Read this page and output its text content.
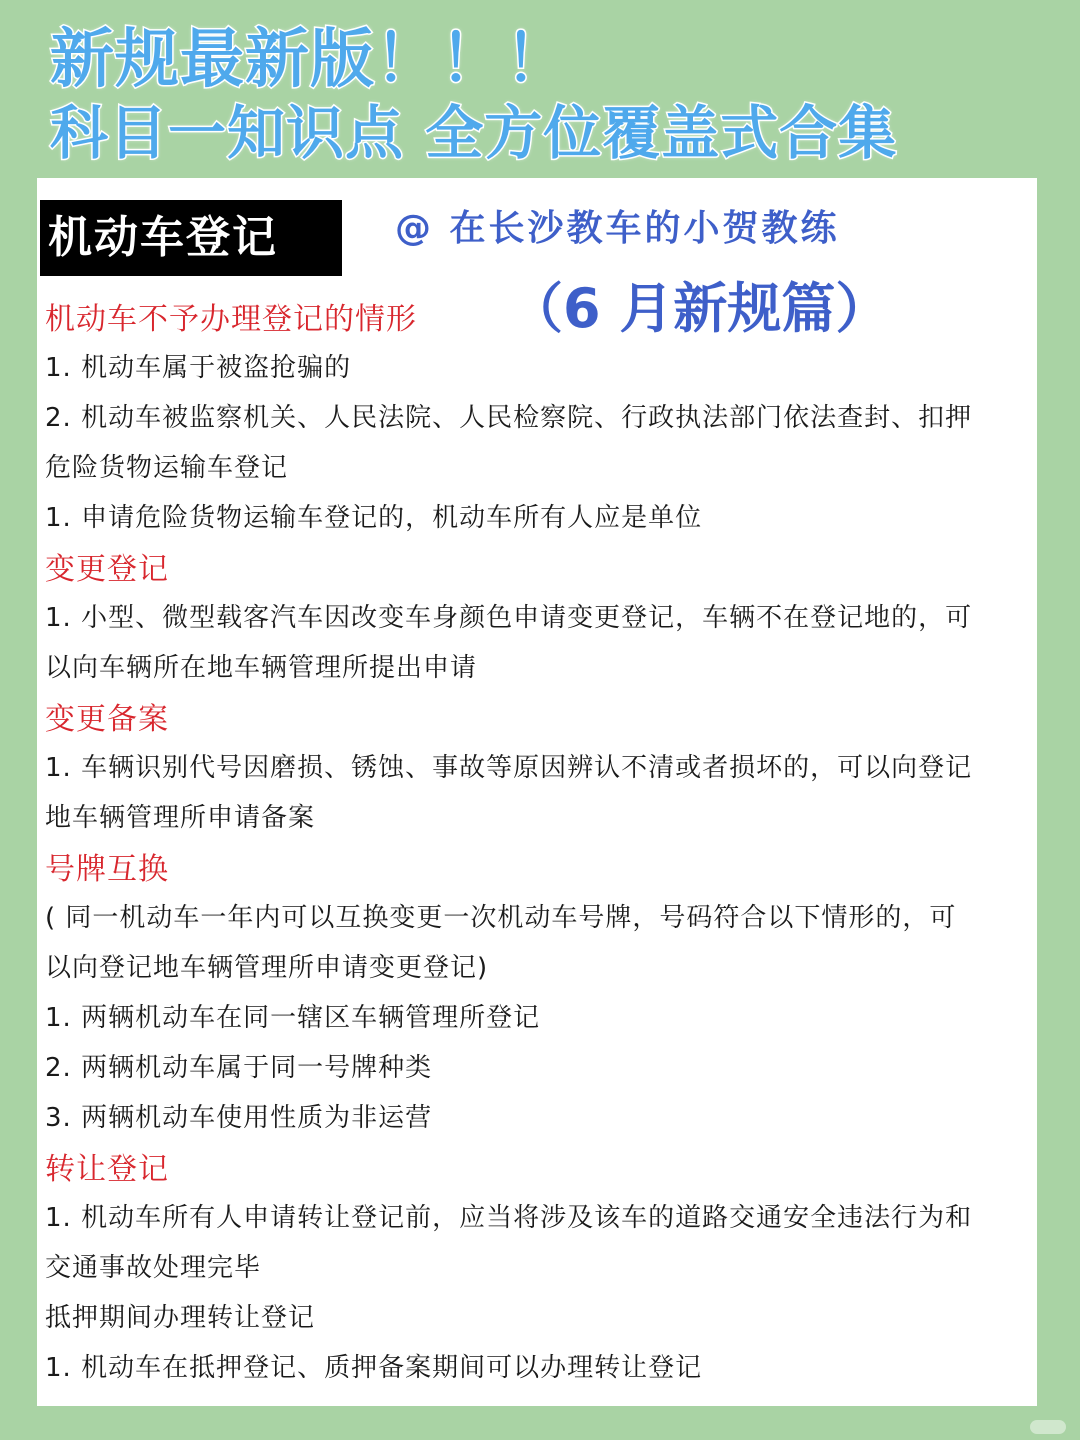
新规最新版！！！
科目一知识点 全方位覆盖式合集
机动车登记	@ 在长沙教车的小贺教练
（6 月新规篇）
机动车不予办理登记的情形
1. 机动车属于被盗抢骗的
2. 机动车被监察机关、人民法院、人民检察院、行政执法部门依法查封、扣押
危险货物运输车登记
1. 申请危险货物运输车登记的，机动车所有人应是单位
变更登记
1. 小型、微型载客汽车因改变车身颜色申请变更登记，车辆不在登记地的，可
以向车辆所在地车辆管理所提出申请
变更备案
1. 车辆识别代号因磨损、锈蚀、事故等原因辨认不清或者损坏的，可以向登记
地车辆管理所申请备案
号牌互换
( 同一机动车一年内可以互换变更一次机动车号牌，号码符合以下情形的，可
以向登记地车辆管理所申请变更登记)
1. 两辆机动车在同一辖区车辆管理所登记
2. 两辆机动车属于同一号牌种类
3. 两辆机动车使用性质为非运营
转让登记
1. 机动车所有人申请转让登记前，应当将涉及该车的道路交通安全违法行为和
交通事故处理完毕
抵押期间办理转让登记
1. 机动车在抵押登记、质押备案期间可以办理转让登记
